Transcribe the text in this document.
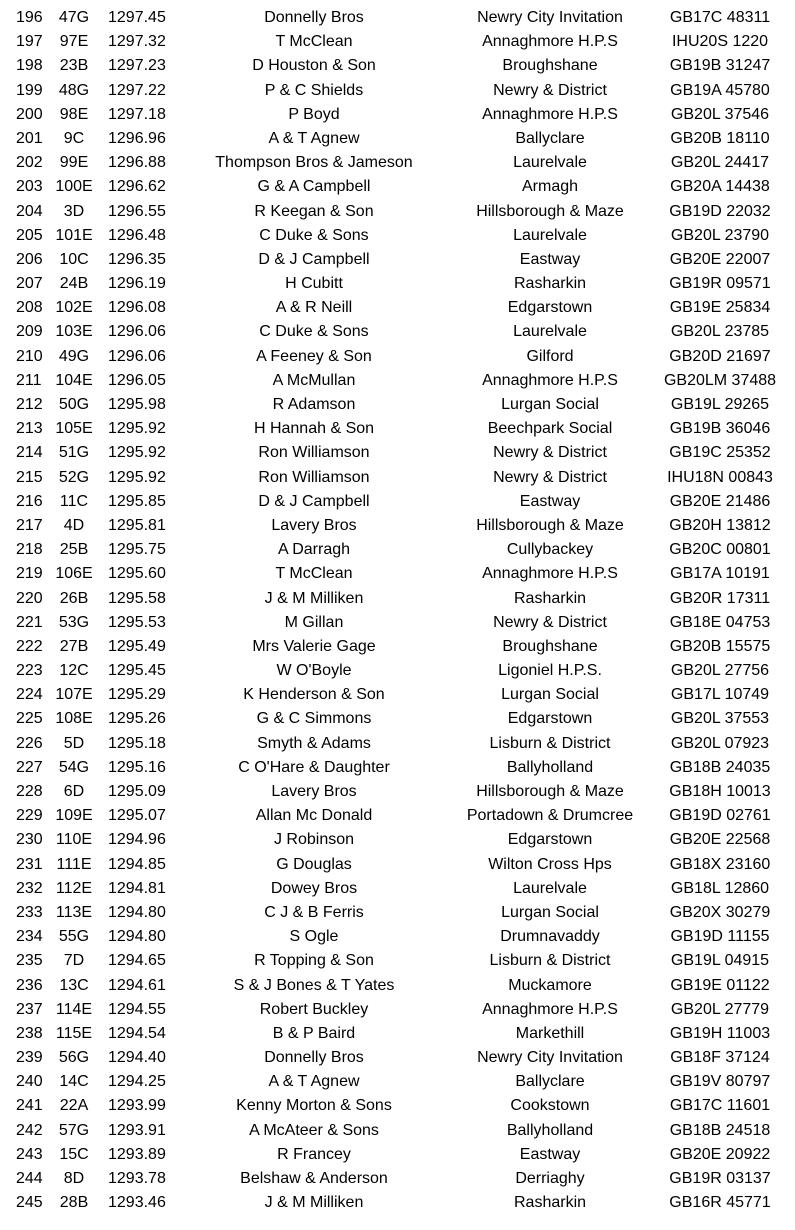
196	47G	1297.45	Donnelly Bros	Newry City Invitation	GB17C 48311
197	97E	1297.32	T McClean	Annaghmore H.P.S	IHU20S 1220
198	23B	1297.23	D Houston & Son	Broughshane	GB19B 31247
199	48G	1297.22	P & C Shields	Newry & District	GB19A 45780
200	98E	1297.18	P Boyd	Annaghmore H.P.S	GB20L 37546
201	9C	1296.96	A & T Agnew	Ballyclare	GB20B 18110
202	99E	1296.88	Thompson Bros & Jameson	Laurelvale	GB20L 24417
203 100E 1296.62	G & A Campbell	Armagh	GB20A 14438
204	3D	1296.55	R Keegan & Son	Hillsborough & Maze	GB19D 22032
205 101E 1296.48	C Duke & Sons	Laurelvale	GB20L 23790
206	10C	1296.35	D & J Campbell	Eastway	GB20E 22007
207	24B	1296.19	H Cubitt	Rasharkin	GB19R 09571
208 102E 1296.08	A & R Neill	Edgarstown	GB19E 25834
209 103E 1296.06	C Duke & Sons	Laurelvale	GB20L 23785
210	49G	1296.06	A Feeney & Son	Gilford	GB20D 21697
211 104E 1296.05	A McMullan	Annaghmore H.P.S	GB20LM 37488
212	50G	1295.98	R Adamson	Lurgan Social	GB19L 29265
213 105E 1295.92	H Hannah & Son	Beechpark Social	GB19B 36046
214	51G	1295.92	Ron Williamson	Newry & District	GB19C 25352
215	52G	1295.92	Ron Williamson	Newry & District	IHU18N 00843
216	11C	1295.85	D & J Campbell	Eastway	GB20E 21486
217	4D	1295.81	Lavery Bros	Hillsborough & Maze	GB20H 13812
218	25B	1295.75	A Darragh	Cullybackey	GB20C 00801
219 106E 1295.60	T McClean	Annaghmore H.P.S	GB17A 10191
220	26B	1295.58	J & M Milliken	Rasharkin	GB20R 17311
221	53G	1295.53	M Gillan	Newry & District	GB18E 04753
222	27B	1295.49	Mrs Valerie Gage	Broughshane	GB20B 15575
223	12C	1295.45	W O'Boyle	Ligoniel H.P.S.	GB20L 27756
224 107E 1295.29	K Henderson & Son	Lurgan Social	GB17L 10749
225 108E 1295.26	G & C Simmons	Edgarstown	GB20L 37553
226	5D	1295.18	Smyth & Adams	Lisburn & District	GB20L 07923
227	54G	1295.16	C O'Hare & Daughter	Ballyholland	GB18B 24035
228	6D	1295.09	Lavery Bros	Hillsborough & Maze	GB18H 10013
229 109E 1295.07	Allan Mc Donald	Portadown & Drumcree	GB19D 02761
230 110E 1294.96	J Robinson	Edgarstown	GB20E 22568
231 111E 1294.85	G Douglas	Wilton Cross Hps	GB18X 23160
232 112E 1294.81	Dowey Bros	Laurelvale	GB18L 12860
233 113E 1294.80	C J & B Ferris	Lurgan Social	GB20X 30279
234	55G	1294.80	S Ogle	Drumnavaddy	GB19D 11155
235	7D	1294.65	R Topping & Son	Lisburn & District	GB19L 04915
236	13C	1294.61	S & J Bones & T Yates	Muckamore	GB19E 01122
237 114E 1294.55	Robert Buckley	Annaghmore H.P.S	GB20L 27779
238 115E 1294.54	B & P Baird	Markethill	GB19H 11003
239	56G	1294.40	Donnelly Bros	Newry City Invitation	GB18F 37124
240	14C	1294.25	A & T Agnew	Ballyclare	GB19V 80797
241	22A	1293.99	Kenny Morton & Sons	Cookstown	GB17C 11601
242	57G	1293.91	A McAteer & Sons	Ballyholland	GB18B 24518
243	15C	1293.89	R Francey	Eastway	GB20E 20922
244	8D	1293.78	Belshaw & Anderson	Derriaghy	GB19R 03137
245	28B	1293.46	J & M Milliken	Rasharkin	GB16R 45771
